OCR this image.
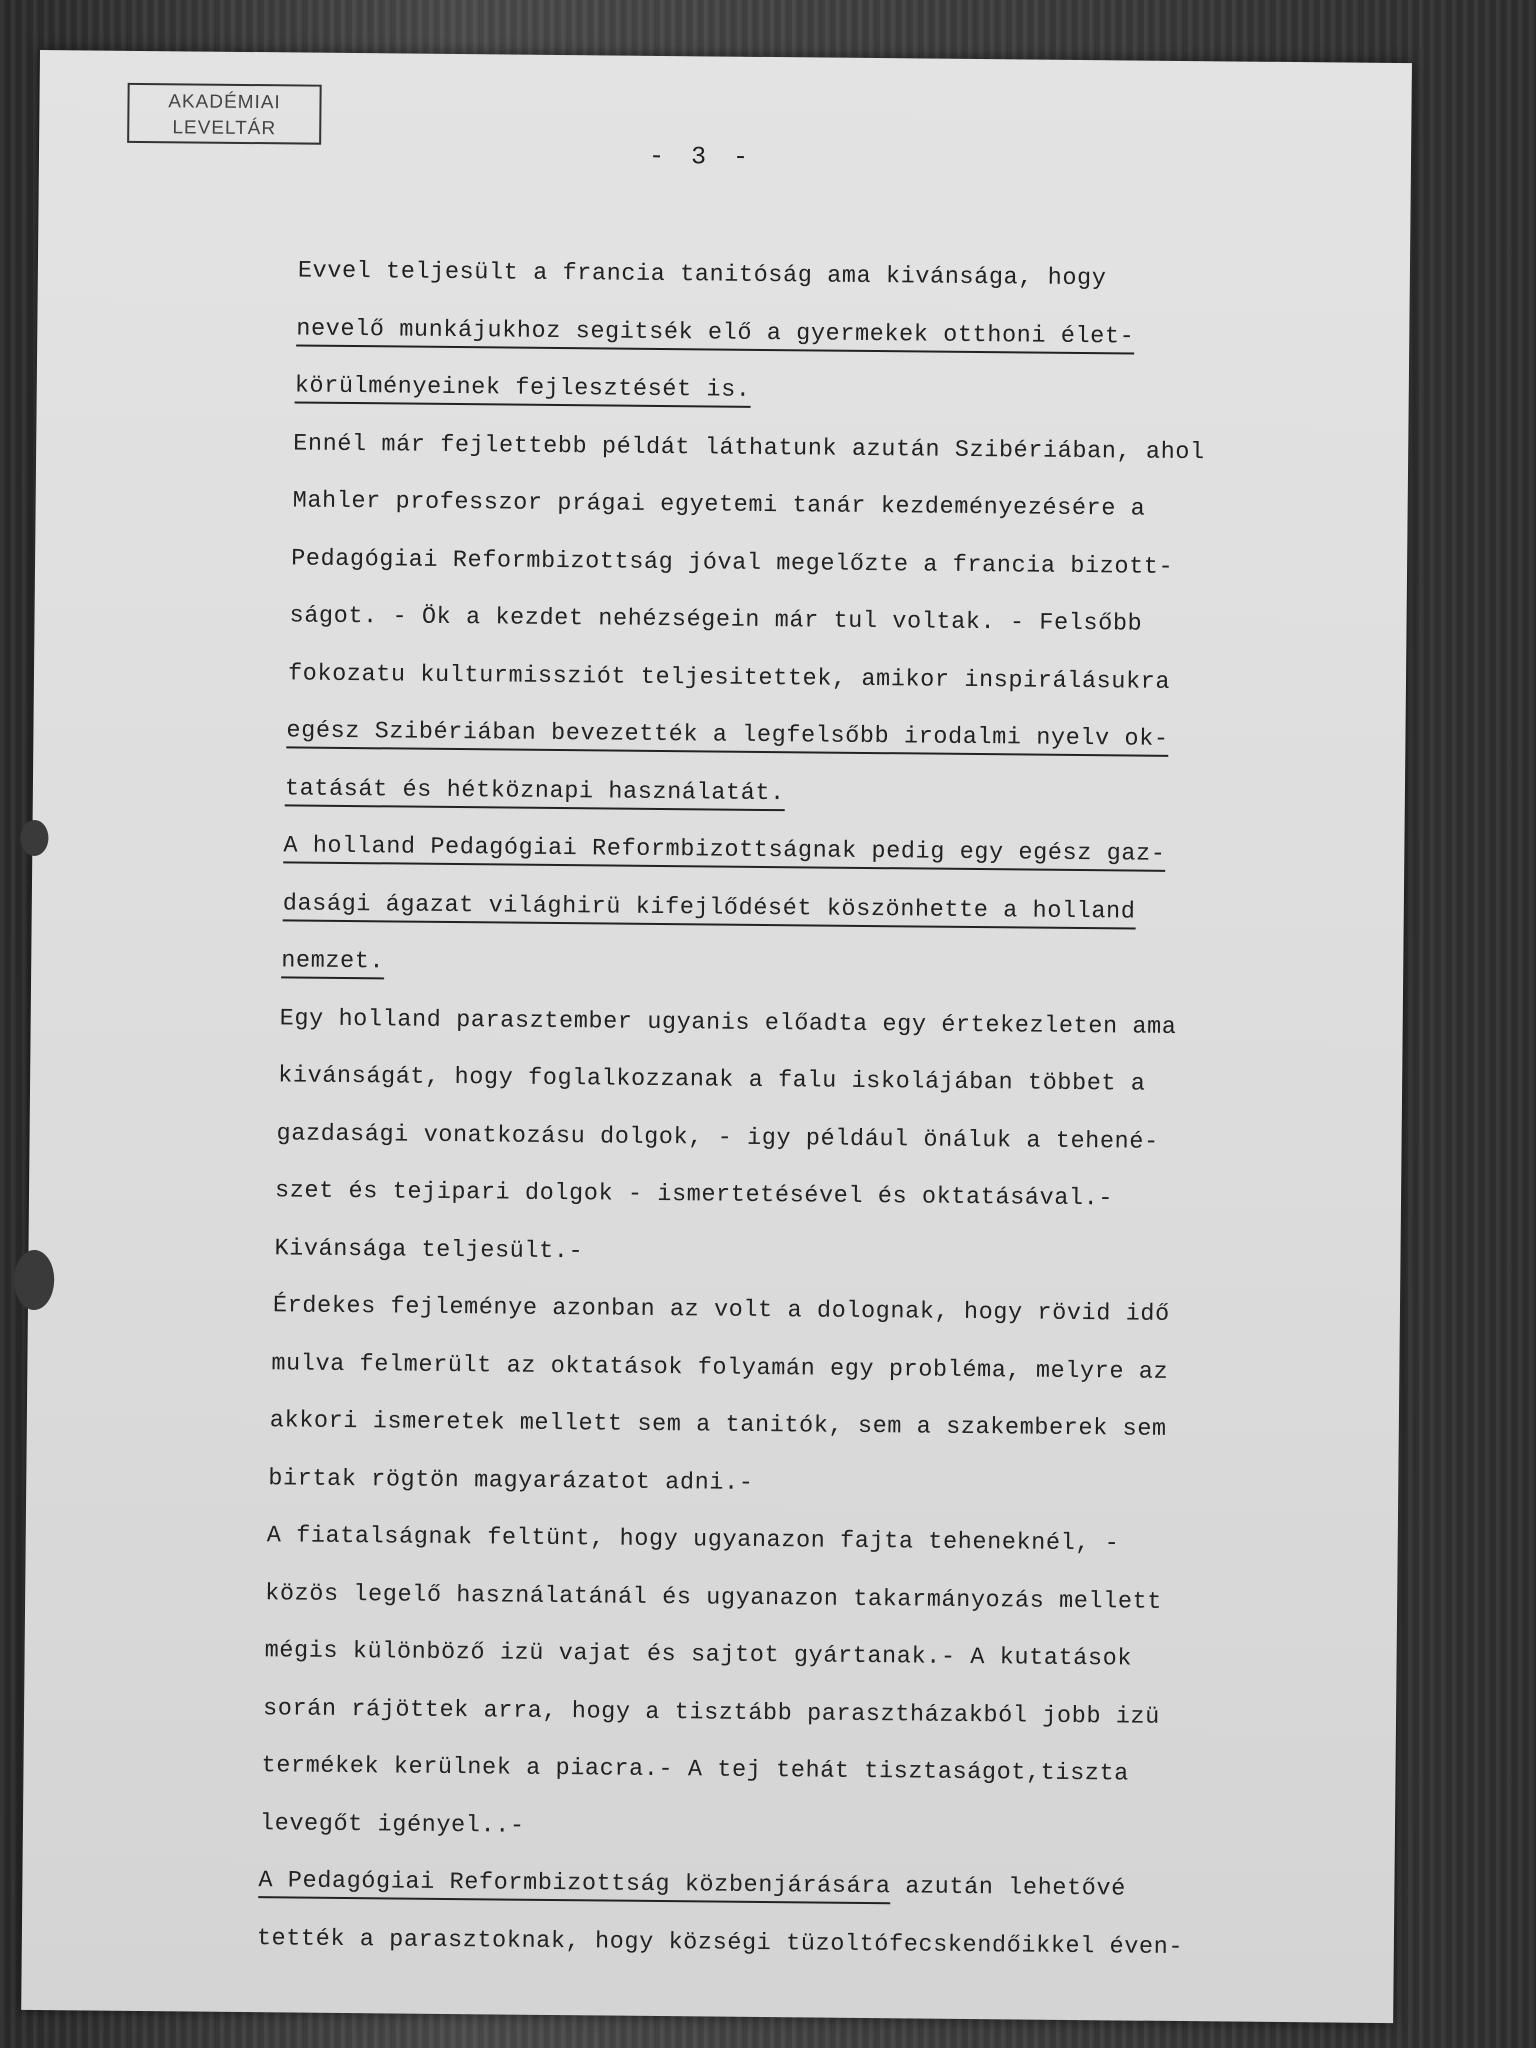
AKADÉMIAI
LEVELTÁR
- 3 -
Evvel teljesült a francia tanitóság ama kivánsága, hogy
nevelő munkájukhoz segitsék elő a gyermekek otthoni élet-
körülményeinek fejlesztését is.
Ennél már fejlettebb példát láthatunk azután Szibériában, ahol
Mahler professzor prágai egyetemi tanár kezdeményezésére a
Pedagógiai Reformbizottság jóval megelőzte a francia bizott-
ságot. - Ök a kezdet nehézségein már tul voltak. - Felsőbb
fokozatu kulturmissziót teljesitettek, amikor inspirálásukra
egész Szibériában bevezették a legfelsőbb irodalmi nyelv ok-
tatását és hétköznapi használatát.
A holland Pedagógiai Reformbizottságnak pedig egy egész gaz-
dasági ágazat világhirü kifejlődését köszönhette a holland
nemzet.
Egy holland parasztember ugyanis előadta egy értekezleten ama
kivánságát, hogy foglalkozzanak a falu iskolájában többet a
gazdasági vonatkozásu dolgok, - igy például önáluk a tehené-
szet és tejipari dolgok - ismertetésével és oktatásával.-
Kivánsága teljesült.-
Érdekes fejleménye azonban az volt a dolognak, hogy rövid idő
mulva felmerült az oktatások folyamán egy probléma, melyre az
akkori ismeretek mellett sem a tanitók, sem a szakemberek sem
birtak rögtön magyarázatot adni.-
A fiatalságnak feltünt, hogy ugyanazon fajta teheneknél, -
közös legelő használatánál és ugyanazon takarmányozás mellett
mégis különböző izü vajat és sajtot gyártanak.- A kutatások
során rájöttek arra, hogy a tisztább parasztházakból jobb izü
termékek kerülnek a piacra.- A tej tehát tisztaságot,tiszta
levegőt igényel..-
A Pedagógiai Reformbizottság közbenjárására azután lehetővé
tették a parasztoknak, hogy községi tüzoltófecskendőikkel éven-
